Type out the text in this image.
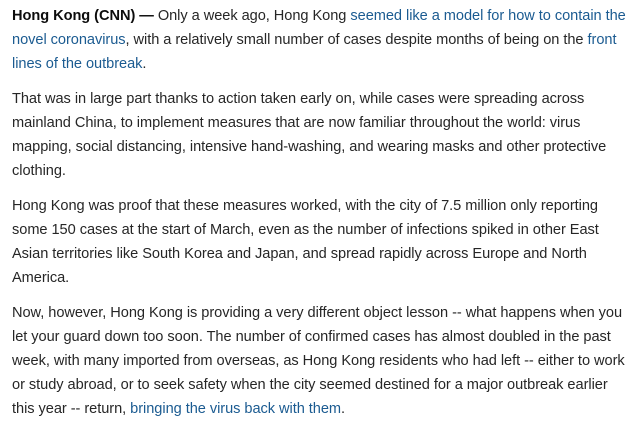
Hong Kong (CNN) — Only a week ago, Hong Kong seemed like a model for how to contain the novel coronavirus, with a relatively small number of cases despite months of being on the front lines of the outbreak.

That was in large part thanks to action taken early on, while cases were spreading across mainland China, to implement measures that are now familiar throughout the world: virus mapping, social distancing, intensive hand-washing, and wearing masks and other protective clothing.

Hong Kong was proof that these measures worked, with the city of 7.5 million only reporting some 150 cases at the start of March, even as the number of infections spiked in other East Asian territories like South Korea and Japan, and spread rapidly across Europe and North America.

Now, however, Hong Kong is providing a very different object lesson -- what happens when you let your guard down too soon. The number of confirmed cases has almost doubled in the past week, with many imported from overseas, as Hong Kong residents who had left -- either to work or study abroad, or to seek safety when the city seemed destined for a major outbreak earlier this year -- return, bringing the virus back with them.
